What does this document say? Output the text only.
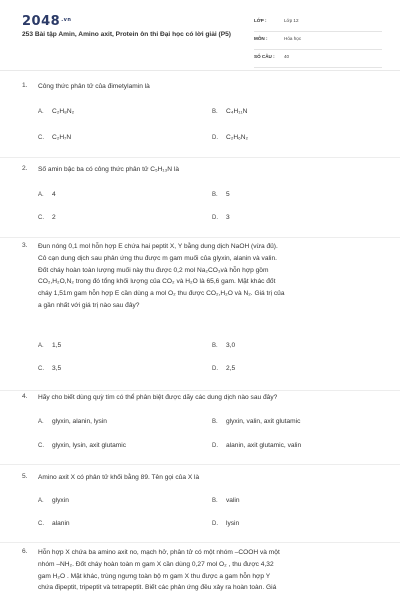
$2048^{.vn}$
253 Bài tập Amin, Amino axit, Protein ôn thi Đại học có lời giải (P5)
LỚP :	Lớp 12
MÔN :	Hóa học
SỐ CÂU : 40
1. Công thức phân tử của đimetylamin là
A. C₂H₈N₂	B. C₄H₁₁N
C. C₂H₇N	D. C₂H₆N₂
2. Số amin bậc ba có công thức phân tử C₅H₁₃N là
A. 4	B. 5
C. 2	D. 3
3. Đun nóng 0,1 mol hỗn hợp E chứa hai peptit X, Y bằng dung dịch NaOH (vừa đủ).
Cô cạn dung dịch sau phản ứng thu được m gam muối của glyxin, alanin và valin.
Đốt cháy hoàn toàn lượng muối này thu được 0,2 mol Na₂CO₃và hỗn hợp gồm
CO₂,H₂O,N₂ trong đó tổng khối lượng của CO₂ và H₂O là 65,6 gam. Mặt khác đốt
cháy 1,51m gam hỗn hợp E cần dùng a mol O₂ thu được CO₂,H₂O và N₂. Giá trị của
a gần nhất với giá trị nào sau đây?
A. 1,5	B. 3,0
C. 3,5	D. 2,5
4. Hãy cho biết dùng quỳ tím có thể phân biệt được dãy các dung dịch nào sau đây?
A. glyxin, alanin, lysin	B. glyxin, valin, axit glutamic
C. glyxin, lysin, axit glutamic	D. alanin, axit glutamic, valin
5. Amino axit X có phân tử khối bằng 89. Tên gọi của X là
A. glyxin	B. valin
C. alanin	D. lysin
6. Hỗn hợp X chứa ba amino axit no, mạch hở, phân tử có một nhóm –COOH và một
nhóm –NH₂. Đốt cháy hoàn toàn m gam X cần dùng 0,27 mol O₂ , thu được 4,32
gam H₂O . Mặt khác, trùng ngưng toàn bộ m gam X thu được a gam hỗn hợp Y
chứa đipeptit, tripeptit và tetrapeptit. Biết các phản ứng đều xảy ra hoàn toàn. Giá
